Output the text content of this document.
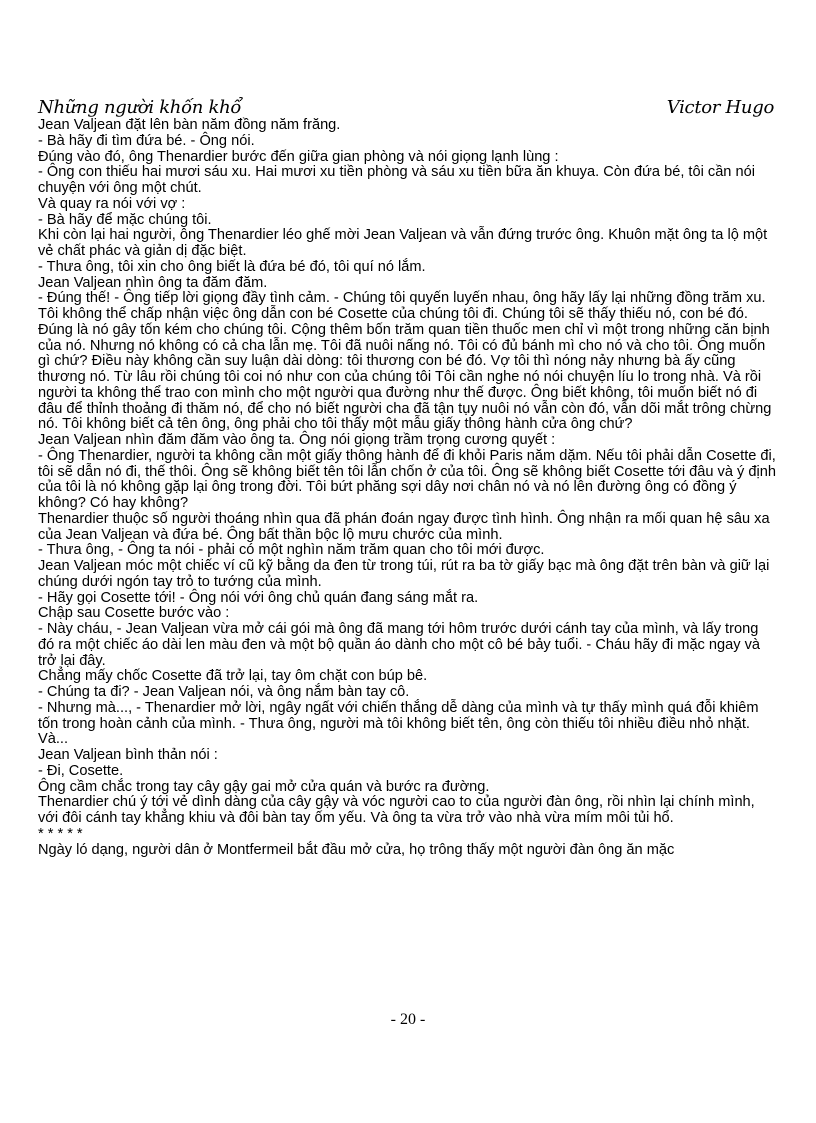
Những người khốn khổ	Victor Hugo

Jean Valjean đặt lên bàn năm đồng năm frăng.

- Bà hãy đi tìm đứa bé. - Ông nói.

Đúng vào đó, ông Thenardier bước đến giữa gian phòng và nói giọng lạnh lùng :

- Ông con thiếu hai mươi sáu xu. Hai mươi xu tiền phòng và sáu xu tiền bữa ăn khuya. Còn đứa bé, tôi cần nói chuyện với ông một chút.

Và quay ra nói với vợ :

- Bà hãy để mặc chúng tôi.

Khi còn lại hai người, ông Thenardier léo ghế mời Jean Valjean và vẫn đứng trước ông. Khuôn mặt ông ta lộ một vẻ chất phác và giản dị đặc biệt.

- Thưa ông, tôi xin cho ông biết là đứa bé đó, tôi quí nó lắm.

Jean Valjean nhìn ông ta đăm đăm.

- Đúng thế! - Ông tiếp lời giọng đầy tình cảm. - Chúng tôi quyến luyến nhau, ông hãy lấy lại những đồng trăm xu. Tôi không thể chấp nhận việc ông dẫn con bé Cosette của chúng tôi đi. Chúng tôi sẽ thấy thiếu nó, con bé đó. Đúng là nó gây tốn kém cho chúng tôi. Cộng thêm bốn trăm quan tiền thuốc men chỉ vì một trong những căn bịnh của nó. Nhưng nó không có cả cha lẫn mẹ. Tôi đã nuôi nấng nó. Tôi có đủ bánh mì cho nó và cho tôi. Ông muốn gì chứ? Điều này không cần suy luận dài dòng: tôi thương con bé đó. Vợ tôi thì nóng nảy nhưng bà ấy cũng thương nó. Từ lâu rồi chúng tôi coi nó như con của chúng tôi Tôi cần nghe nó nói chuyện líu lo trong nhà. Và rồi người ta không thể trao con mình cho một người qua đường như thế được. Ông biết không, tôi muốn biết nó đi đâu để thỉnh thoảng đi thăm nó, để cho nó biết người cha đã tận tụy nuôi nó vẫn còn đó, vẫn dõi mắt trông chừng nó. Tôi không biết cả tên ông, ông phải cho tôi thấy một mẫu giấy thông hành cửa ông chứ?

Jean Valjean nhìn đăm đăm vào ông ta. Ông nói giọng trầm trọng cương quyết :

- Ông Thenardier, người ta không cần một giấy thông hành để đi khỏi Paris năm dặm. Nếu tôi phải dẫn Cosette đi, tôi sẽ dẫn nó đi, thế thôi. Ông sẽ không biết tên tôi lẫn chốn ở của tôi. Ông sẽ không biết Cosette tới đâu và ý định của tôi là nó không gặp lại ông trong đời. Tôi bứt phăng sợi dây nơi chân nó và nó lên đường ông có đồng ý không? Có hay không?

Thenardier thuộc số người thoáng nhìn qua đã phán đoán ngay được tình hình. Ông nhận ra mối quan hệ sâu xa của Jean Valjean và đứa bé. Ông bất thần bộc lộ mưu chước của mình.

- Thưa ông, - Ông ta nói - phải có một nghìn năm trăm quan cho tôi mới được.

Jean Valjean móc một chiếc ví cũ kỹ bằng da đen từ trong túi, rút ra ba tờ giấy bạc mà ông đặt trên bàn và giữ lại chúng dưới ngón tay trỏ to tướng của mình.

- Hãy gọi Cosette tới! - Ông nói với ông chủ quán đang sáng mắt ra.

Chập sau Cosette bước vào :

- Này cháu, - Jean Valjean vừa mở cái gói mà ông đã mang tới hôm trước dưới cánh tay của mình, và lấy trong đó ra một chiếc áo dài len màu đen và một bộ quần áo dành cho một cô bé bảy tuổi. - Cháu hãy đi mặc ngay và trở lại đây.

Chẳng mấy chốc Cosette đã trở lại, tay ôm chặt con búp bê.

- Chúng ta đi? - Jean Valjean nói, và ông nắm bàn tay cô.

- Nhưng mà..., - Thenardier mở lời, ngây ngất với chiến thắng dễ dàng của mình và tự thấy mình quá đỗi khiêm tốn trong hoàn cảnh của mình. - Thưa ông, người mà tôi không biết tên, ông còn thiếu tôi nhiều điều nhỏ nhặt. Và...

Jean Valjean bình thản nói :

- Đi, Cosette.

Ông cầm chắc trong tay cây gậy gai mở cửa quán và bước ra đường.

Thenardier chú ý tới vẻ dình dàng của cây gậy và vóc người cao to của người đàn ông, rồi nhìn lại chính mình, với đôi cánh tay khẳng khiu và đôi bàn tay ốm yếu. Và ông ta vừa trở vào nhà vừa mím môi tủi hổ.

* * * * *

Ngày ló dạng, người dân ở Montfermeil bắt đầu mở cửa, họ trông thấy một người đàn ông ăn mặc

- 20 -
